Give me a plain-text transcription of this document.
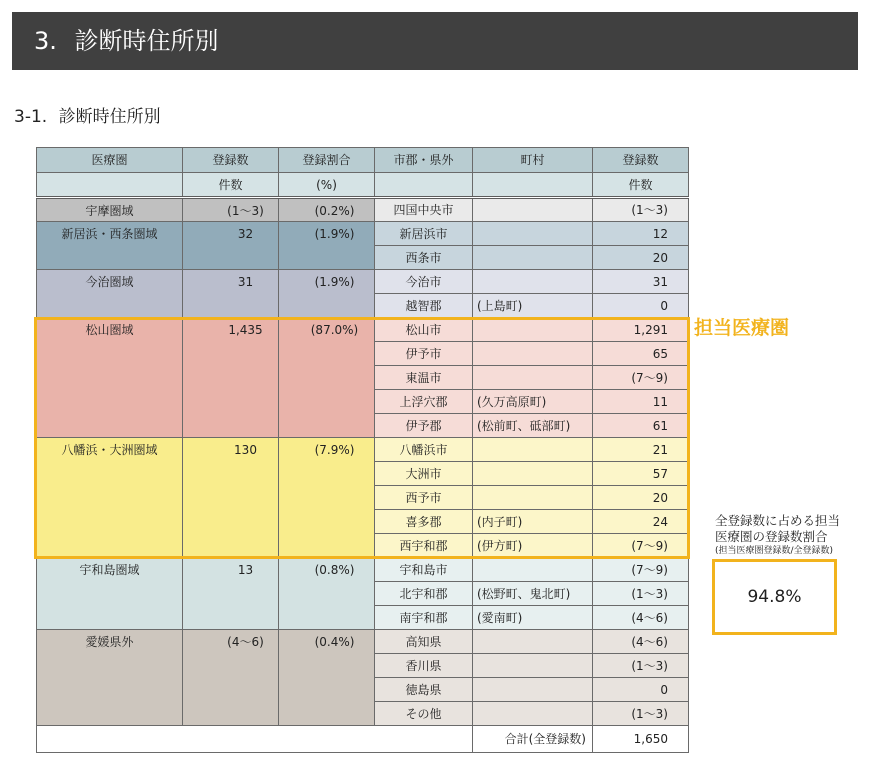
3. 診断時住所別
3-1. 診断時住所別
医療圏	登録数	登録割合	市郡・県外	町村	登録数
	件数	(%)			件数
宇摩圏域	(1〜3)	(0.2%)	四国中央市		(1〜3)
新居浜・西条圏域	32	(1.9%)	新居浜市		12
			西条市		20
今治圏域	31	(1.9%)	今治市		31
			越智郡	(上島町)	0
松山圏域	1,435	(87.0%)	松山市		1,291
			伊予市		65
			東温市		(7〜9)
			上浮穴郡	(久万高原町)	11
			伊予郡	(松前町、砥部町)	61
八幡浜・大洲圏域	130	(7.9%)	八幡浜市		21
			大洲市		57
			西予市		20
			喜多郡	(内子町)	24
			西宇和郡	(伊方町)	(7〜9)
宇和島圏域	13	(0.8%)	宇和島市		(7〜9)
			北宇和郡	(松野町、鬼北町)	(1〜3)
			南宇和郡	(愛南町)	(4〜6)
愛媛県外	(4〜6)	(0.4%)	高知県		(4〜6)
			香川県		(1〜3)
			徳島県		0
			その他		(1〜3)
				合計(全登録数)	1,650
担当医療圏
全登録数に占める担当
医療圏の登録数割合
(担当医療圏登録数/全登録数)
94.8%
